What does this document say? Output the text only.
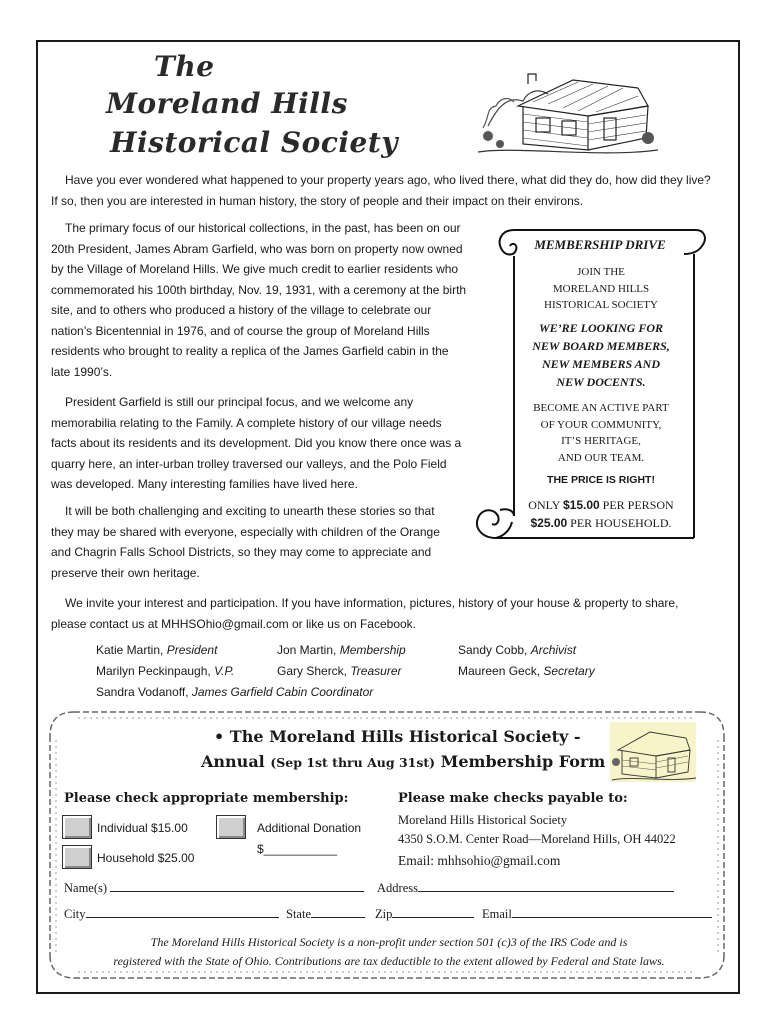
The
Moreland Hills
Historical Society
Have you ever wondered what happened to your property years ago, who lived there, what did they do, how did they live? If so, then you are interested in human history, the story of people and their impact on their environs.
The primary focus of our historical collections, in the past, has been on our
20th President, James Abram Garfield, who was born on property now owned
by the Village of Moreland Hills. We give much credit to earlier residents who
commemorated his 100th birthday, Nov. 19, 1931, with a ceremony at the birth
site, and to others who produced a history of the village to celebrate our
nation’s Bicentennial in 1976, and of course the group of Moreland Hills
residents who brought to reality a replica of the James Garfield cabin in the
late 1990’s.
President Garfield is still our principal focus, and we welcome any
memorabilia relating to the Family. A complete history of our village needs
facts about its residents and its development. Did you know there once was a
quarry here, an inter-urban trolley traversed our valleys, and the Polo Field
was developed. Many interesting families have lived here.
It will be both challenging and exciting to unearth these stories so that
they may be shared with everyone, especially with children of the Orange
and Chagrin Falls School Districts, so they may come to appreciate and
preserve their own heritage.
We invite your interest and participation. If you have information, pictures, history of your house & property to share, please contact us at MHHSOhio@gmail.com or like us on Facebook.
MEMBERSHIP DRIVE
JOIN THE
MORELAND HILLS
HISTORICAL SOCIETY
WE’RE LOOKING FOR
NEW BOARD MEMBERS,
NEW MEMBERS AND
NEW DOCENTS.
BECOME AN ACTIVE PART
OF YOUR COMMUNITY,
IT’S HERITAGE,
AND OUR TEAM.
THE PRICE IS RIGHT!
ONLY $15.00 PER PERSON
$25.00 PER HOUSEHOLD.
Katie Martin, President	Jon Martin, Membership	Sandy Cobb, Archivist
Marilyn Peckinpaugh, V.P.	Gary Sherck, Treasurer	Maureen Geck, Secretary
Sandra Vodanoff, James Garfield Cabin Coordinator
• The Moreland Hills Historical Society -
Annual (Sep 1st thru Aug 31st) Membership Form
Please check appropriate membership:	Please make checks payable to:
Individual $15.00	Additional Donation
$___________
Household $25.00
Moreland Hills Historical Society
4350 S.O.M. Center Road—Moreland Hills, OH 44022
Email: mhhsohio@gmail.com
Name(s)	Address
City	State	Zip	Email
The Moreland Hills Historical Society is a non-profit under section 501 (c)3 of the IRS Code and is
registered with the State of Ohio. Contributions are tax deductible to the extent allowed by Federal and State laws.
